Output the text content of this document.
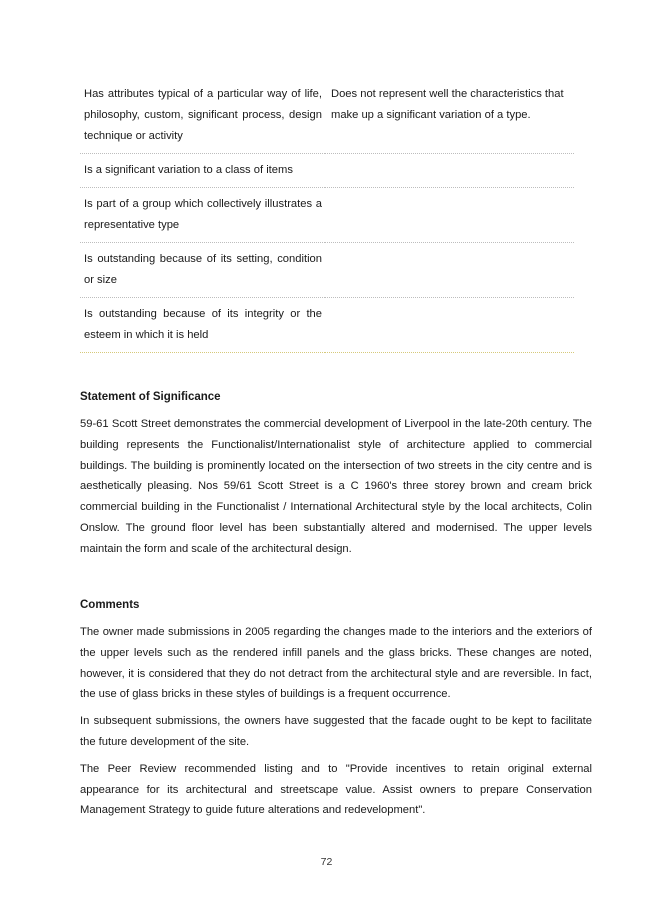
Has attributes typical of a particular way of life, philosophy, custom, significant process, design technique or activity	Does not represent well the characteristics that make up a significant variation of a type.
Is a significant variation to a class of items	
Is part of a group which collectively illustrates a representative type	
Is outstanding because of its setting, condition or size	
Is outstanding because of its integrity or the esteem in which it is held	
Statement of Significance

59-61 Scott Street demonstrates the commercial development of Liverpool in the late-20th century. The building represents the Functionalist/Internationalist style of architecture applied to commercial buildings. The building is prominently located on the intersection of two streets in the city centre and is aesthetically pleasing. Nos 59/61 Scott Street is a C 1960's three storey brown and cream brick commercial building in the Functionalist / International Architectural style by the local architects, Colin Onslow. The ground floor level has been substantially altered and modernised. The upper levels maintain the form and scale of the architectural design.

Comments

The owner made submissions in 2005 regarding the changes made to the interiors and the exteriors of the upper levels such as the rendered infill panels and the glass bricks. These changes are noted, however, it is considered that they do not detract from the architectural style and are reversible. In fact, the use of glass bricks in these styles of buildings is a frequent occurrence.

In subsequent submissions, the owners have suggested that the facade ought to be kept to facilitate the future development of the site.

The Peer Review recommended listing and to "Provide incentives to retain original external appearance for its architectural and streetscape value. Assist owners to prepare Conservation Management Strategy to guide future alterations and redevelopment".

72
